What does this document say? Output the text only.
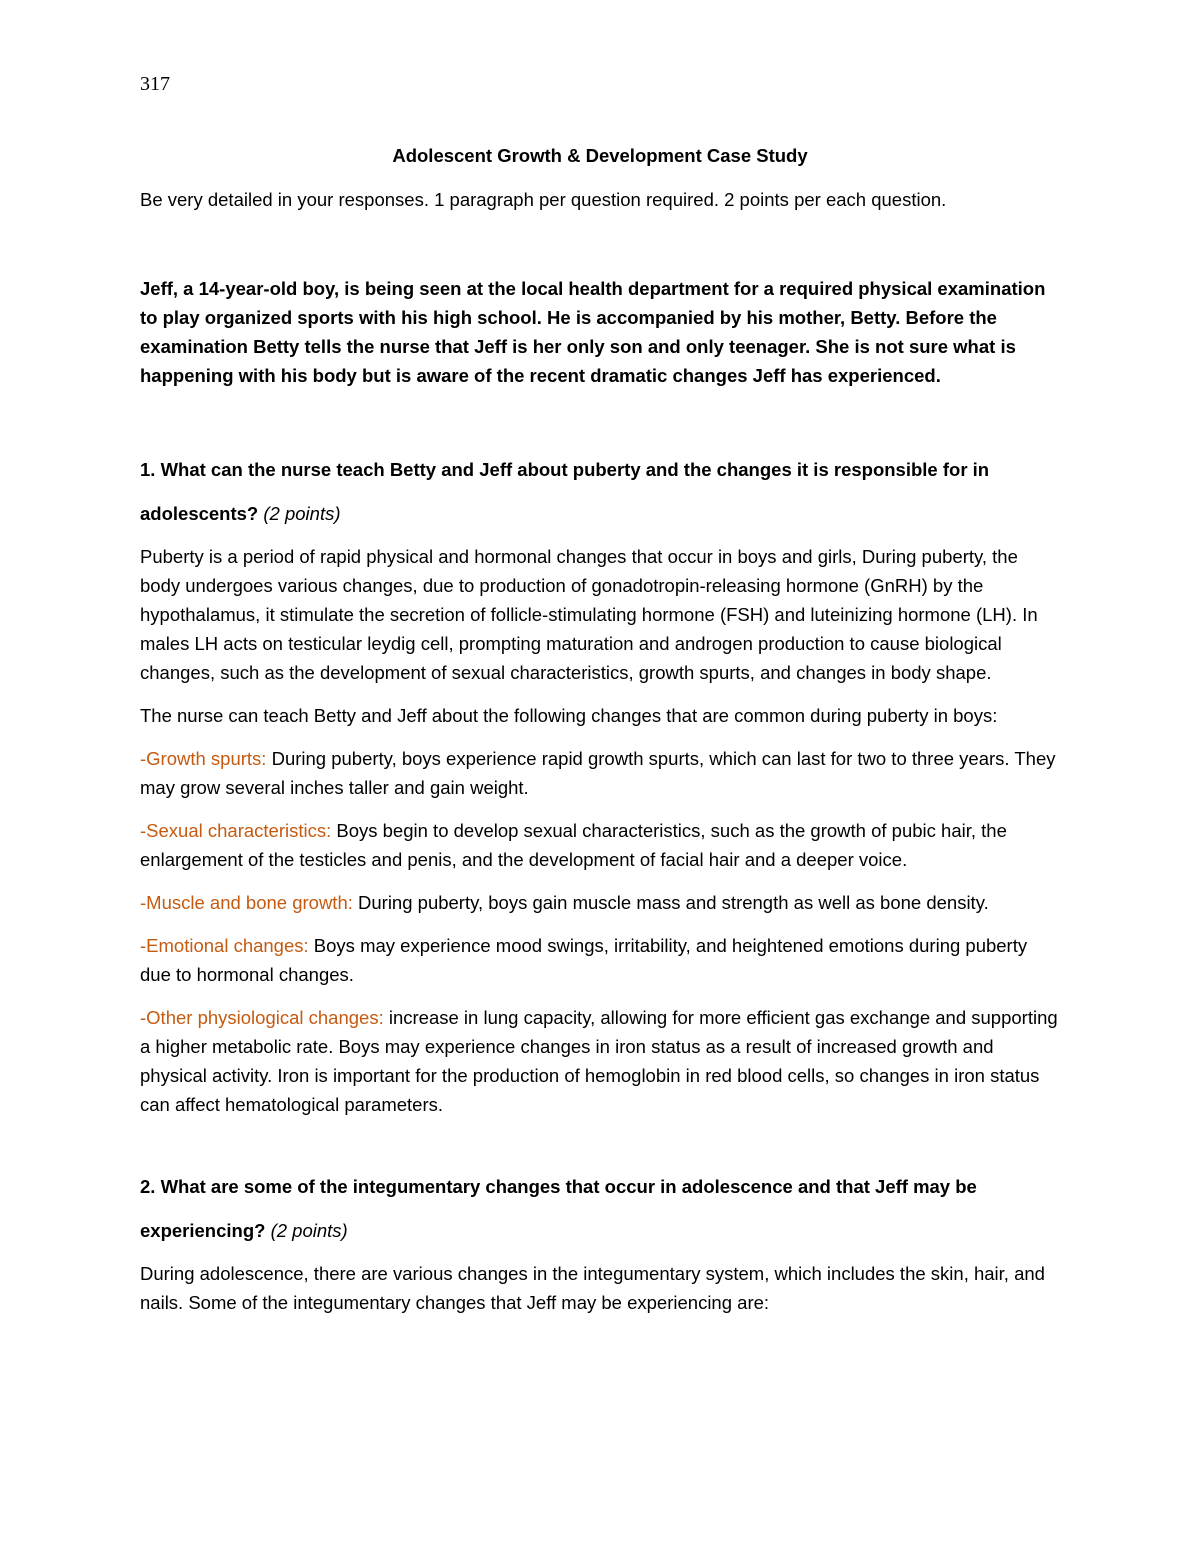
317
Adolescent Growth & Development Case Study

Be very detailed in your responses. 1 paragraph per question required. 2 points per each question.

Jeff, a 14-year-old boy, is being seen at the local health department for a required physical examination to play organized sports with his high school. He is accompanied by his mother, Betty. Before the examination Betty tells the nurse that Jeff is her only son and only teenager. She is not sure what is happening with his body but is aware of the recent dramatic changes Jeff has experienced.

1. What can the nurse teach Betty and Jeff about puberty and the changes it is responsible for in
adolescents? (2 points)

Puberty is a period of rapid physical and hormonal changes that occur in boys and girls, During puberty, the body undergoes various changes, due to production of gonadotropin-releasing hormone (GnRH) by the hypothalamus, it stimulate the secretion of follicle-stimulating hormone (FSH) and luteinizing hormone (LH). In males LH acts on testicular leydig cell, prompting maturation and androgen production to cause biological changes, such as the development of sexual characteristics, growth spurts, and changes in body shape.

The nurse can teach Betty and Jeff about the following changes that are common during puberty in boys:

-Growth spurts: During puberty, boys experience rapid growth spurts, which can last for two to three years. They may grow several inches taller and gain weight.

-Sexual characteristics: Boys begin to develop sexual characteristics, such as the growth of pubic hair, the enlargement of the testicles and penis, and the development of facial hair and a deeper voice.

-Muscle and bone growth: During puberty, boys gain muscle mass and strength as well as bone density.

-Emotional changes: Boys may experience mood swings, irritability, and heightened emotions during puberty due to hormonal changes.

-Other physiological changes: increase in lung capacity, allowing for more efficient gas exchange and supporting a higher metabolic rate. Boys may experience changes in iron status as a result of increased growth and physical activity. Iron is important for the production of hemoglobin in red blood cells, so changes in iron status can affect hematological parameters.

2. What are some of the integumentary changes that occur in adolescence and that Jeff may be
experiencing? (2 points)

During adolescence, there are various changes in the integumentary system, which includes the skin, hair, and nails. Some of the integumentary changes that Jeff may be experiencing are:
